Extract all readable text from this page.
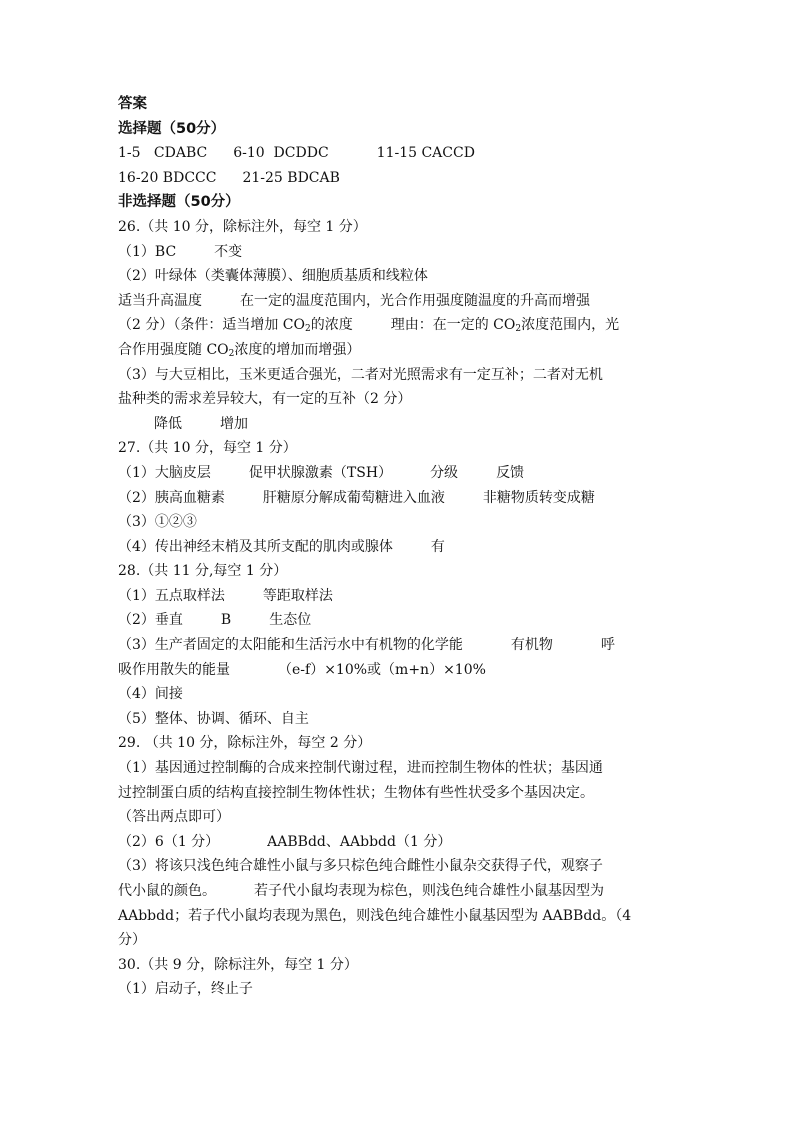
答案
选择题（50分）
1-5   CDABC 6-10  DCDDC	11-15 CACCD
16-20 BDCCC 21-25 BDCAB
非选择题（50分）
26.（共 10 分，除标注外，每空 1 分）
（1）BC	不变
（2）叶绿体（类囊体薄膜）、细胞质基质和线粒体
适当升高温度	在一定的温度范围内，光合作用强度随温度的升高而增强
（2 分）（条件：适当增加 $CO_2$的浓度	理由：在一定的 $CO_2$浓度范围内，光
合作用强度随 $CO_2$浓度的增加而增强）
（3）与大豆相比，玉米更适合强光，二者对光照需求有一定互补；二者对无机
盐种类的需求差异较大，有一定的互补（2 分）
降低	增加
27.（共 10 分，每空 1 分）
（1）大脑皮层	促甲状腺激素（TSH）	分级	反馈
（2）胰高血糖素	肝糖原分解成葡萄糖进入血液	非糖物质转变成糖
（3）①②③
（4）传出神经末梢及其所支配的肌肉或腺体	有
28.（共 11 分,每空 1 分）
（1）五点取样法	等距取样法
（2）垂直	B	生态位
（3）生产者固定的太阳能和生活污水中有机物的化学能	有机物	呼
吸作用散失的能量	（e-f）×10%或（m+n）×10%
（4）间接
（5）整体、协调、循环、自主
29. （共 10 分，除标注外，每空 2 分）
（1）基因通过控制酶的合成来控制代谢过程，进而控制生物体的性状；基因通
过控制蛋白质的结构直接控制生物体性状；生物体有些性状受多个基因决定。
（答出两点即可）
（2）6（1 分）	AABBdd、AAbbdd（1 分）
（3）将该只浅色纯合雄性小鼠与多只棕色纯合雌性小鼠杂交获得子代，观察子
代小鼠的颜色。	若子代小鼠均表现为棕色，则浅色纯合雄性小鼠基因型为
AAbbdd；若子代小鼠均表现为黑色，则浅色纯合雄性小鼠基因型为 AABBdd。（4
分）
30.（共 9 分，除标注外，每空 1 分）
（1）启动子，终止子
